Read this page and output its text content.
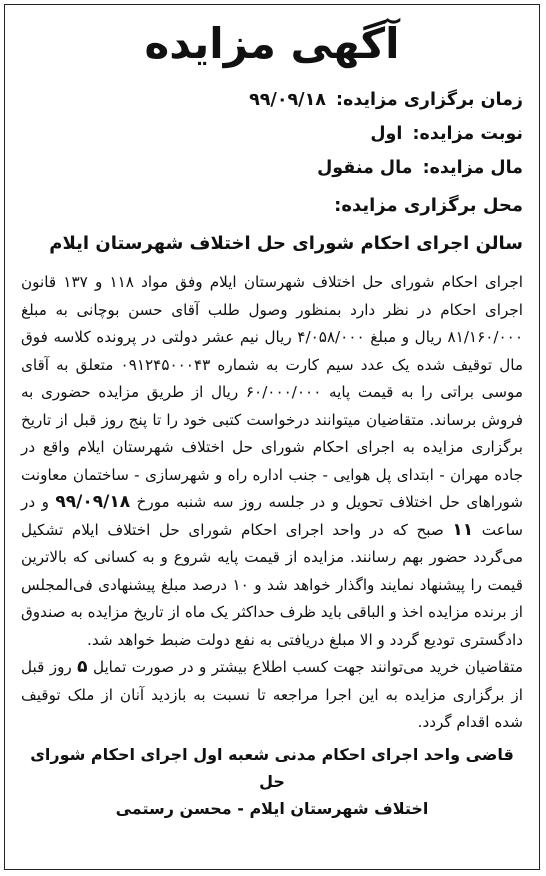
آگهی مزایده
زمان برگزاری مزایده: ۹۹/۰۹/۱۸
نوبت مزایده: اول
مال مزایده: مال منقول
محل برگزاری مزایده:
سالن اجرای احکام شورای حل اختلاف شهرستان ایلام
اجرای احکام شورای حل اختلاف شهرستان ایلام وفق مواد ۱۱۸ و ۱۳۷ قانون اجرای احکام در نظر دارد بمنظور وصول طلب آقای حسن بوچانی به مبلغ ۸۱/۱۶۰/۰۰۰ ریال و مبلغ ۴/۰۵۸/۰۰۰ ریال نیم عشر دولتی در پرونده کلاسه فوق مال توقیف شده یک عدد سیم کارت به شماره ۰۹۱۲۴۵۰۰۰۴۳ متعلق به آقای موسی براتی را به قیمت پایه ۶۰/۰۰۰/۰۰۰ ریال از طریق مزایده حضوری به فروش برساند. متقاضیان میتوانند درخواست کتبی خود را تا پنج روز قبل از تاریخ برگزاری مزایده به اجرای احکام شورای حل اختلاف شهرستان ایلام واقع در جاده مهران - ابتدای پل هوایی - جنب اداره راه و شهرسازی - ساختمان معاونت شوراهای حل اختلاف تحویل و در جلسه روز سه شنبه مورخ ۹۹/۰۹/۱۸ و در ساعت ۱۱ صبح که در واحد اجرای احکام شورای حل اختلاف ایلام تشکیل می‌گردد حضور بهم رسانند. مزایده از قیمت پایه شروع و به کسانی که بالاترین قیمت را پیشنهاد نمایند واگذار خواهد شد و ۱۰ درصد مبلغ پیشنهادی فی‌المجلس از برنده مزایده اخذ و الباقی باید ظرف حداکثر یک ماه از تاریخ مزایده به صندوق دادگستری تودیع گردد و الا مبلغ دریافتی به نفع دولت ضبط خواهد شد.
متقاضیان خرید می‌توانند جهت کسب اطلاع بیشتر و در صورت تمایل ۵ روز قبل از برگزاری مزایده به این اجرا مراجعه تا نسبت به بازدید آنان از ملک توقیف شده اقدام گردد.
قاضی واحد اجرای احکام مدنی شعبه اول اجرای احکام شورای حل
اختلاف شهرستان ایلام - محسن رستمی
